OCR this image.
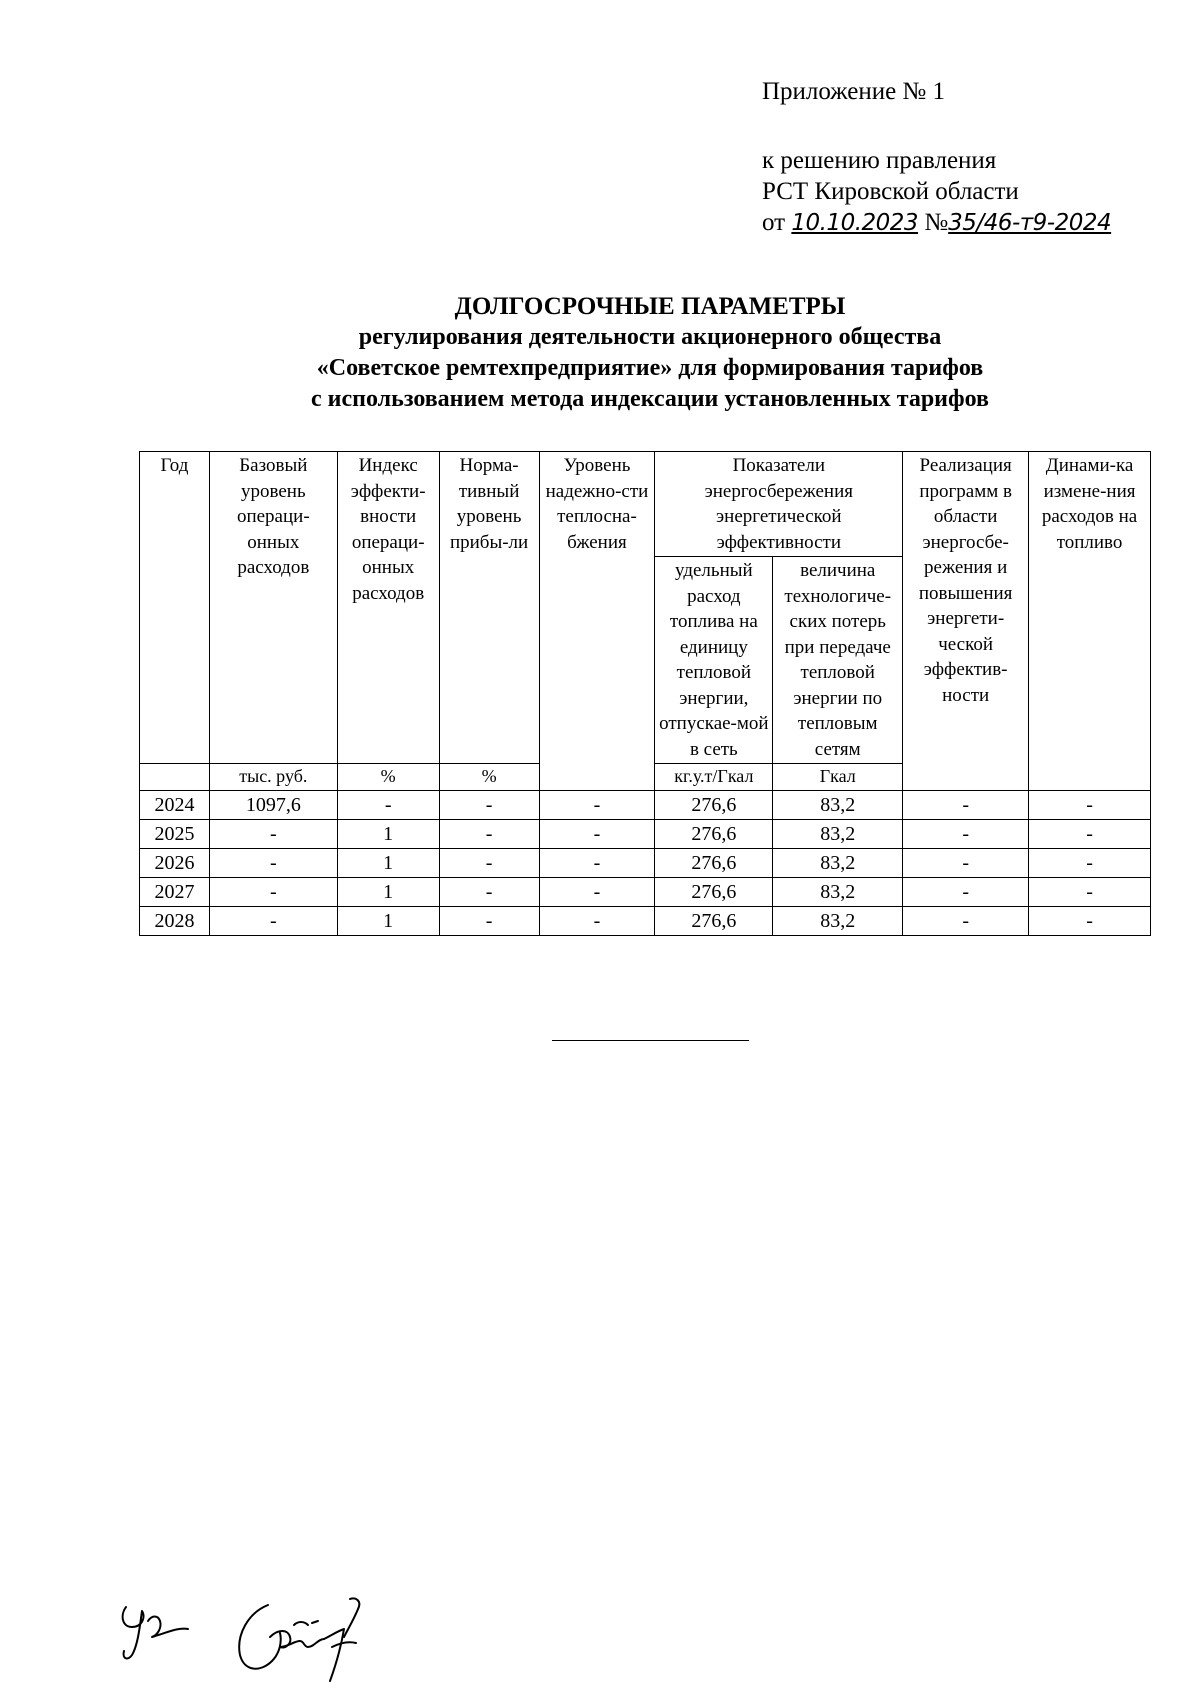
Приложение № 1
к решению правления
РСТ Кировской области
от 10.10.2023 №35/46-т9-2024
ДОЛГОСРОЧНЫЕ ПАРАМЕТРЫ
регулирования деятельности акционерного общества
«Советское ремтехпредприятие» для формирования тарифов
с использованием метода индексации установленных тарифов
Год	Базовый уровень операци-онных расходов	Индекс эффекти-вности операци-онных расходов	Норма-тивный уровень прибы-ли	Уровень надежно-сти теплосна-бжения	Показатели энергосбережения энергетической эффективности		Реализация программ в области энергосбе-режения и повышения энергети-ческой эффектив-ности	Динами-ка измене-ния расходов на топливо
					удельный расход топлива на единицу тепловой энергии, отпускае-мой в сеть	величина технологиче-ских потерь при передаче тепловой энергии по тепловым сетям		
	тыс. руб.	%	%		кг.у.т/Гкал	Гкал		
2024	1097,6	-	-	-	276,6	83,2	-	-
2025	-	1	-	-	276,6	83,2	-	-
2026	-	1	-	-	276,6	83,2	-	-
2027	-	1	-	-	276,6	83,2	-	-
2028	-	1	-	-	276,6	83,2	-	-
